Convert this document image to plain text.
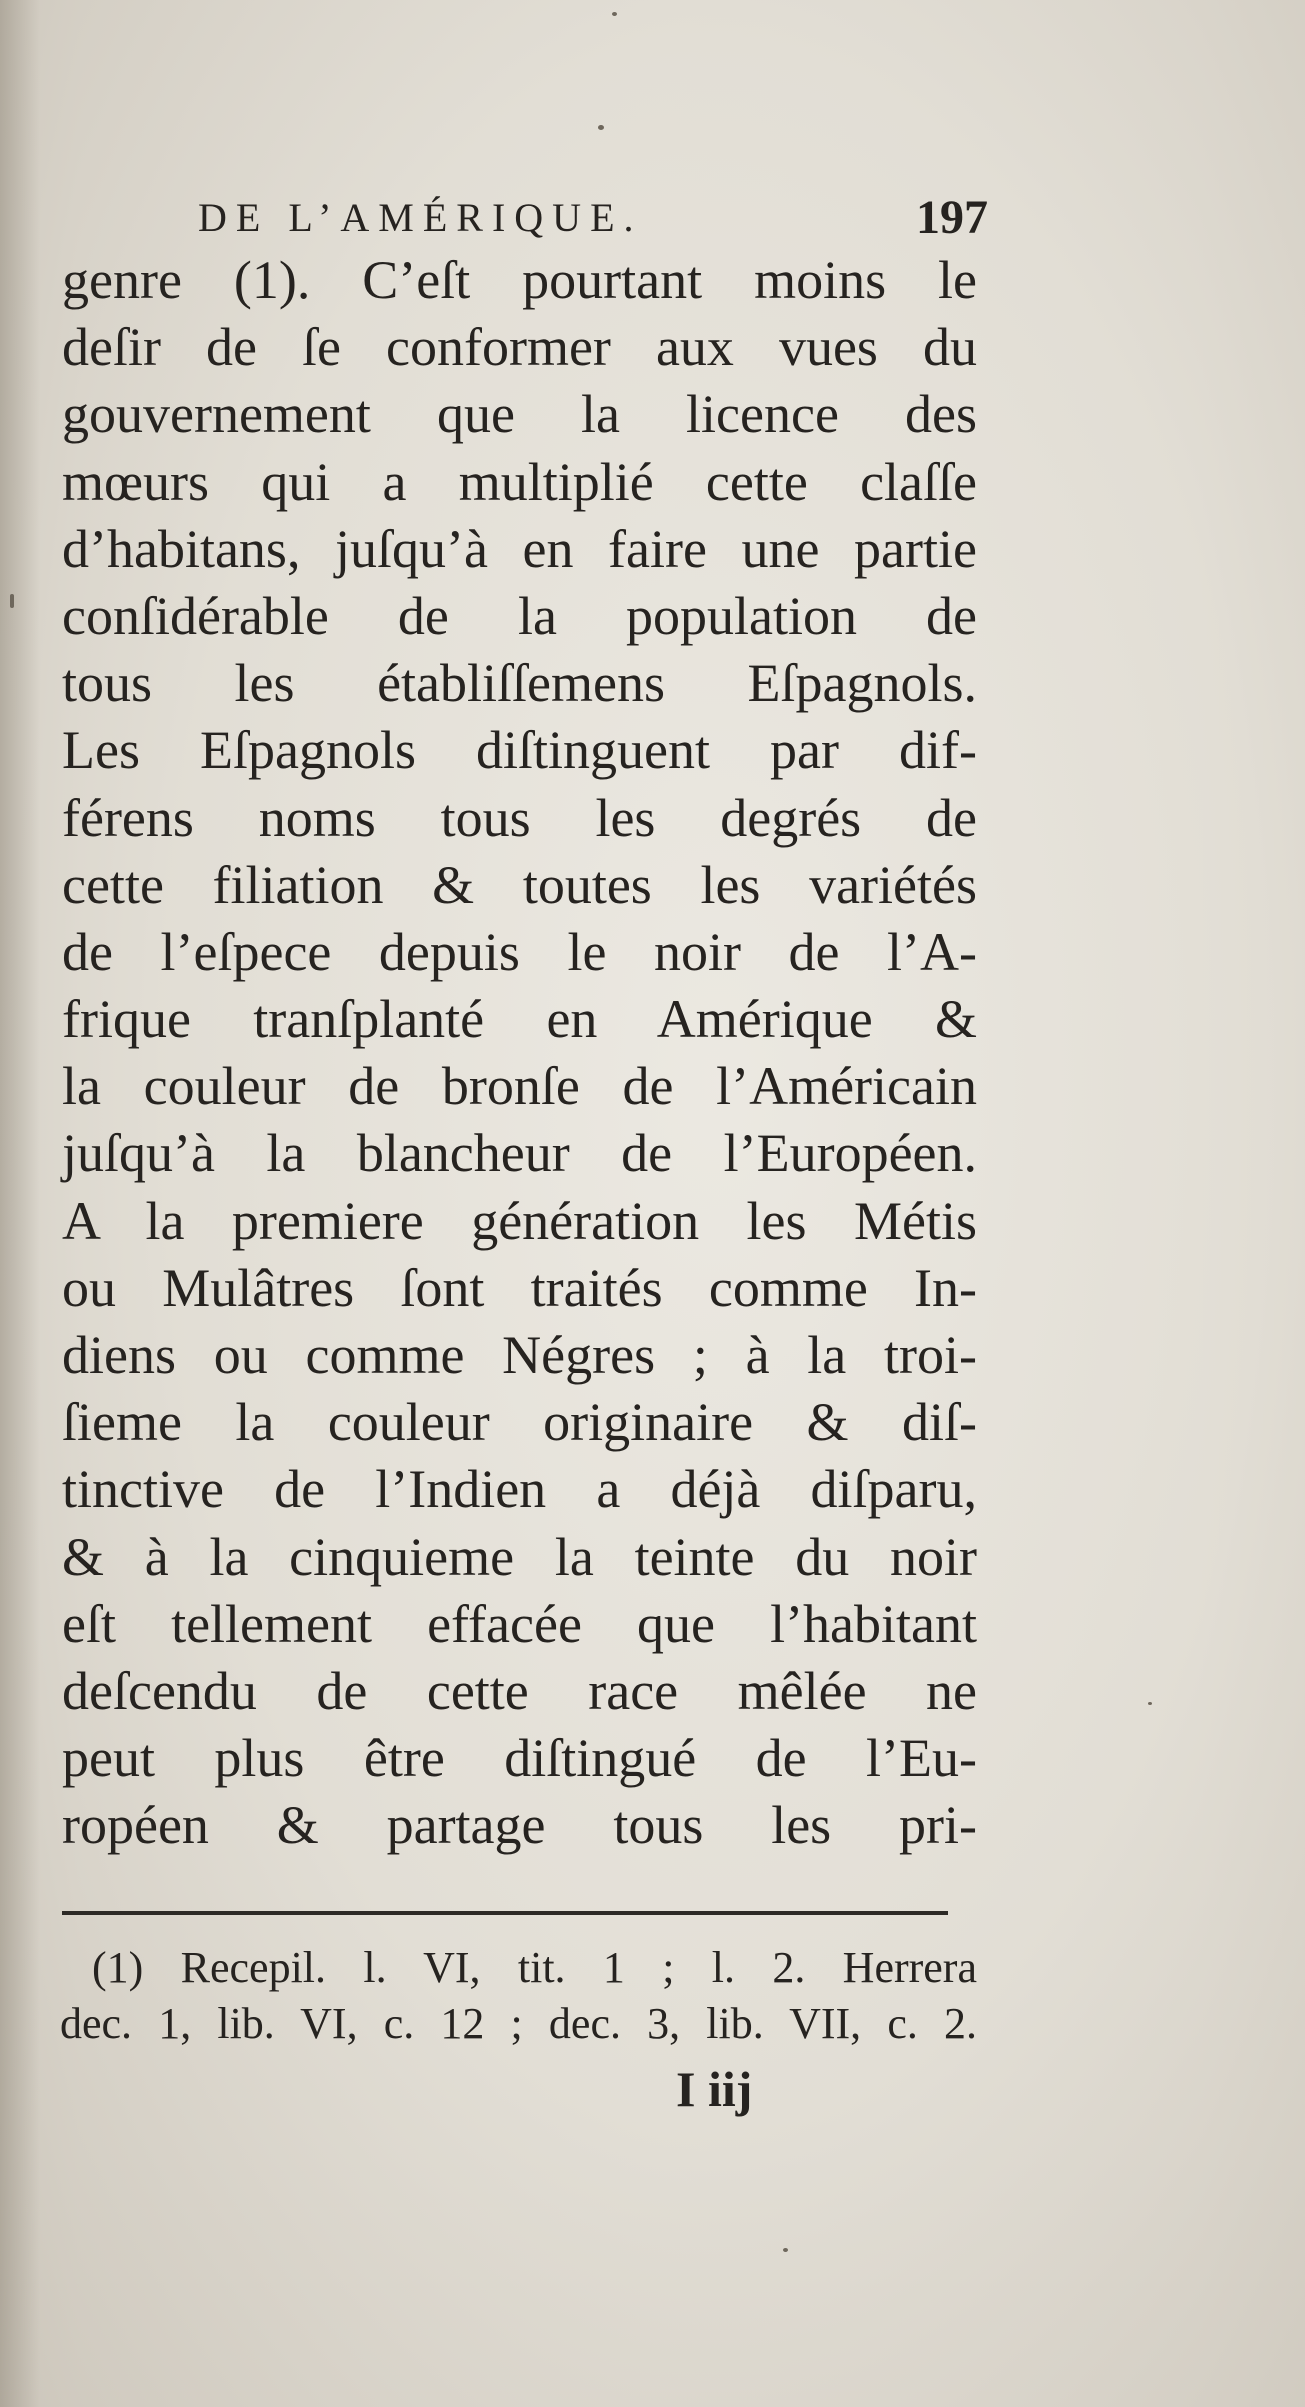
DE L’AMÉRIQUE.	197
genre (1). C’eſt pourtant moins le
deſir de ſe conformer aux vues du
gouvernement que la licence des
mœurs qui a multiplié cette claſſe
d’habitans, juſqu’à en faire une partie
conſidérable de la population de
tous les établiſſemens Eſpagnols.
Les Eſpagnols diſtinguent par dif-
férens noms tous les degrés de
cette filiation & toutes les variétés
de l’eſpece depuis le noir de l’A-
frique tranſplanté en Amérique &
la couleur de bronſe de l’Américain
juſqu’à la blancheur de l’Européen.
A la premiere génération les Métis
ou Mulâtres ſont traités comme In-
diens ou comme Négres ; à la troi-
ſieme la couleur originaire & diſ-
tinctive de l’Indien a déjà diſparu,
& à la cinquieme la teinte du noir
eſt tellement effacée que l’habitant
deſcendu de cette race mêlée ne
peut plus être diſtingué de l’Eu-
ropéen & partage tous les pri-
(1) Recepil. l. VI, tit. 1 ; l. 2. Herrera
dec. 1, lib. VI, c. 12 ; dec. 3, lib. VII, c. 2.
I iij
